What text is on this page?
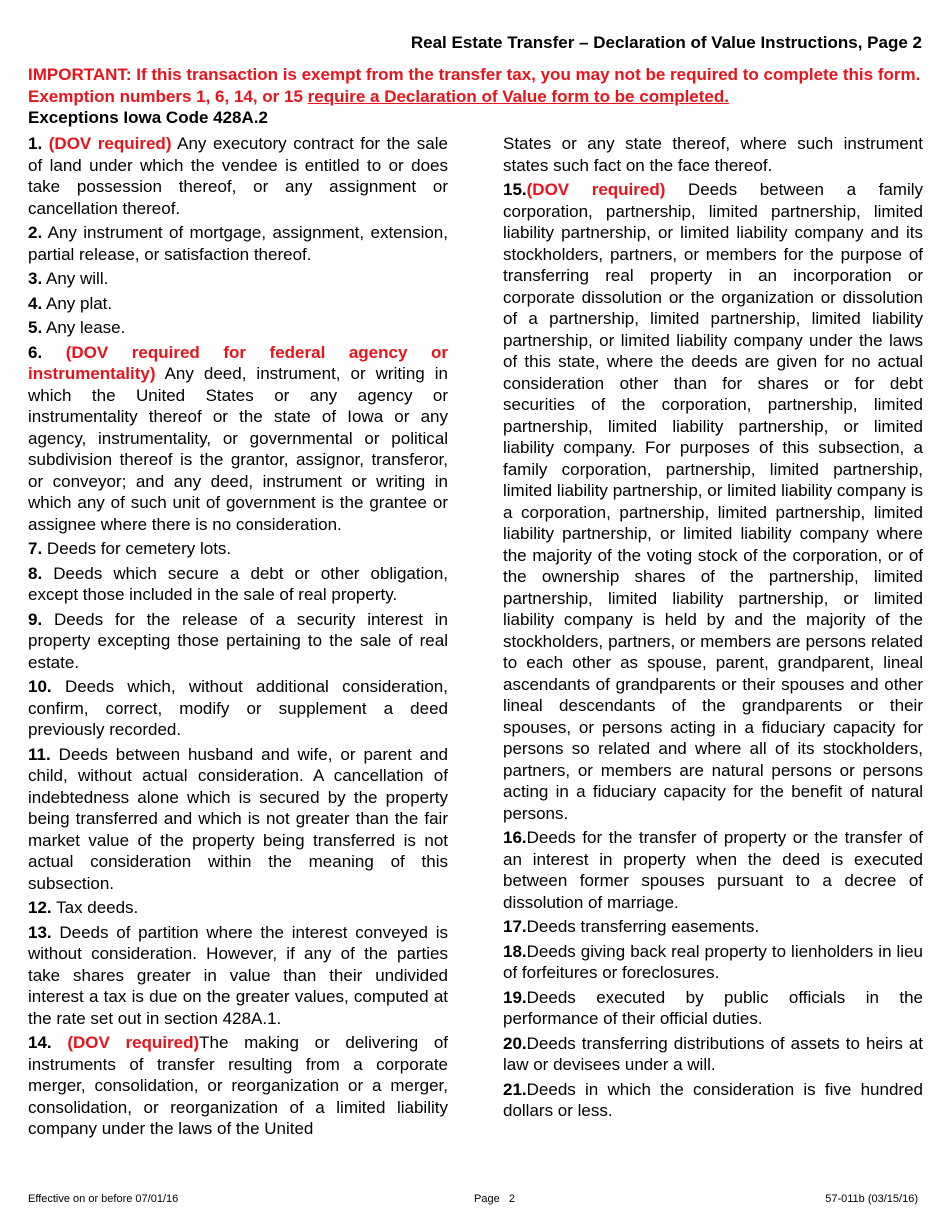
Real Estate Transfer – Declaration of Value Instructions, Page 2
IMPORTANT: If this transaction is exempt from the transfer tax, you may not be required to complete this form. Exemption numbers 1, 6, 14, or 15 require a Declaration of Value form to be completed.
Exceptions Iowa Code 428A.2
1. (DOV required) Any executory contract for the sale of land under which the vendee is entitled to or does take possession thereof, or any assignment or cancellation thereof.
2. Any instrument of mortgage, assignment, extension, partial release, or satisfaction thereof.
3. Any will.
4. Any plat.
5. Any lease.
6. (DOV required for federal agency or instrumentality) Any deed, instrument, or writing in which the United States or any agency or instrumentality thereof or the state of Iowa or any agency, instrumentality, or governmental or political subdivision thereof is the grantor, assignor, transferor, or conveyor; and any deed, instrument or writing in which any of such unit of government is the grantee or assignee where there is no consideration.
7. Deeds for cemetery lots.
8. Deeds which secure a debt or other obligation, except those included in the sale of real property.
9. Deeds for the release of a security interest in property excepting those pertaining to the sale of real estate.
10. Deeds which, without additional consideration, confirm, correct, modify or supplement a deed previously recorded.
11. Deeds between husband and wife, or parent and child, without actual consideration. A cancellation of indebtedness alone which is secured by the property being transferred and which is not greater than the fair market value of the property being transferred is not actual consideration within the meaning of this subsection.
12. Tax deeds.
13. Deeds of partition where the interest conveyed is without consideration. However, if any of the parties take shares greater in value than their undivided interest a tax is due on the greater values, computed at the rate set out in section 428A.1.
14. (DOV required)The making or delivering of instruments of transfer resulting from a corporate merger, consolidation, or reorganization or a merger, consolidation, or reorganization of a limited liability company under the laws of the United
States or any state thereof, where such instrument states such fact on the face thereof.
15.(DOV required) Deeds between a family corporation, partnership, limited partnership, limited liability partnership, or limited liability company and its stockholders, partners, or members for the purpose of transferring real property in an incorporation or corporate dissolution or the organization or dissolution of a partnership, limited partnership, limited liability partnership, or limited liability company under the laws of this state, where the deeds are given for no actual consideration other than for shares or for debt securities of the corporation, partnership, limited partnership, limited liability partnership, or limited liability company. For purposes of this subsection, a family corporation, partnership, limited partnership, limited liability partnership, or limited liability company is a corporation, partnership, limited partnership, limited liability partnership, or limited liability company where the majority of the voting stock of the corporation, or of the ownership shares of the partnership, limited partnership, limited liability partnership, or limited liability company is held by and the majority of the stockholders, partners, or members are persons related to each other as spouse, parent, grandparent, lineal ascendants of grandparents or their spouses and other lineal descendants of the grandparents or their spouses, or persons acting in a fiduciary capacity for persons so related and where all of its stockholders, partners, or members are natural persons or persons acting in a fiduciary capacity for the benefit of natural persons.
16.Deeds for the transfer of property or the transfer of an interest in property when the deed is executed between former spouses pursuant to a decree of dissolution of marriage.
17.Deeds transferring easements.
18.Deeds giving back real property to lienholders in lieu of forfeitures or foreclosures.
19.Deeds executed by public officials in the performance of their official duties.
20.Deeds transferring distributions of assets to heirs at law or devisees under a will.
21.Deeds in which the consideration is five hundred dollars or less.
Effective on or before 07/01/16	Page 2	57-011b (03/15/16)
